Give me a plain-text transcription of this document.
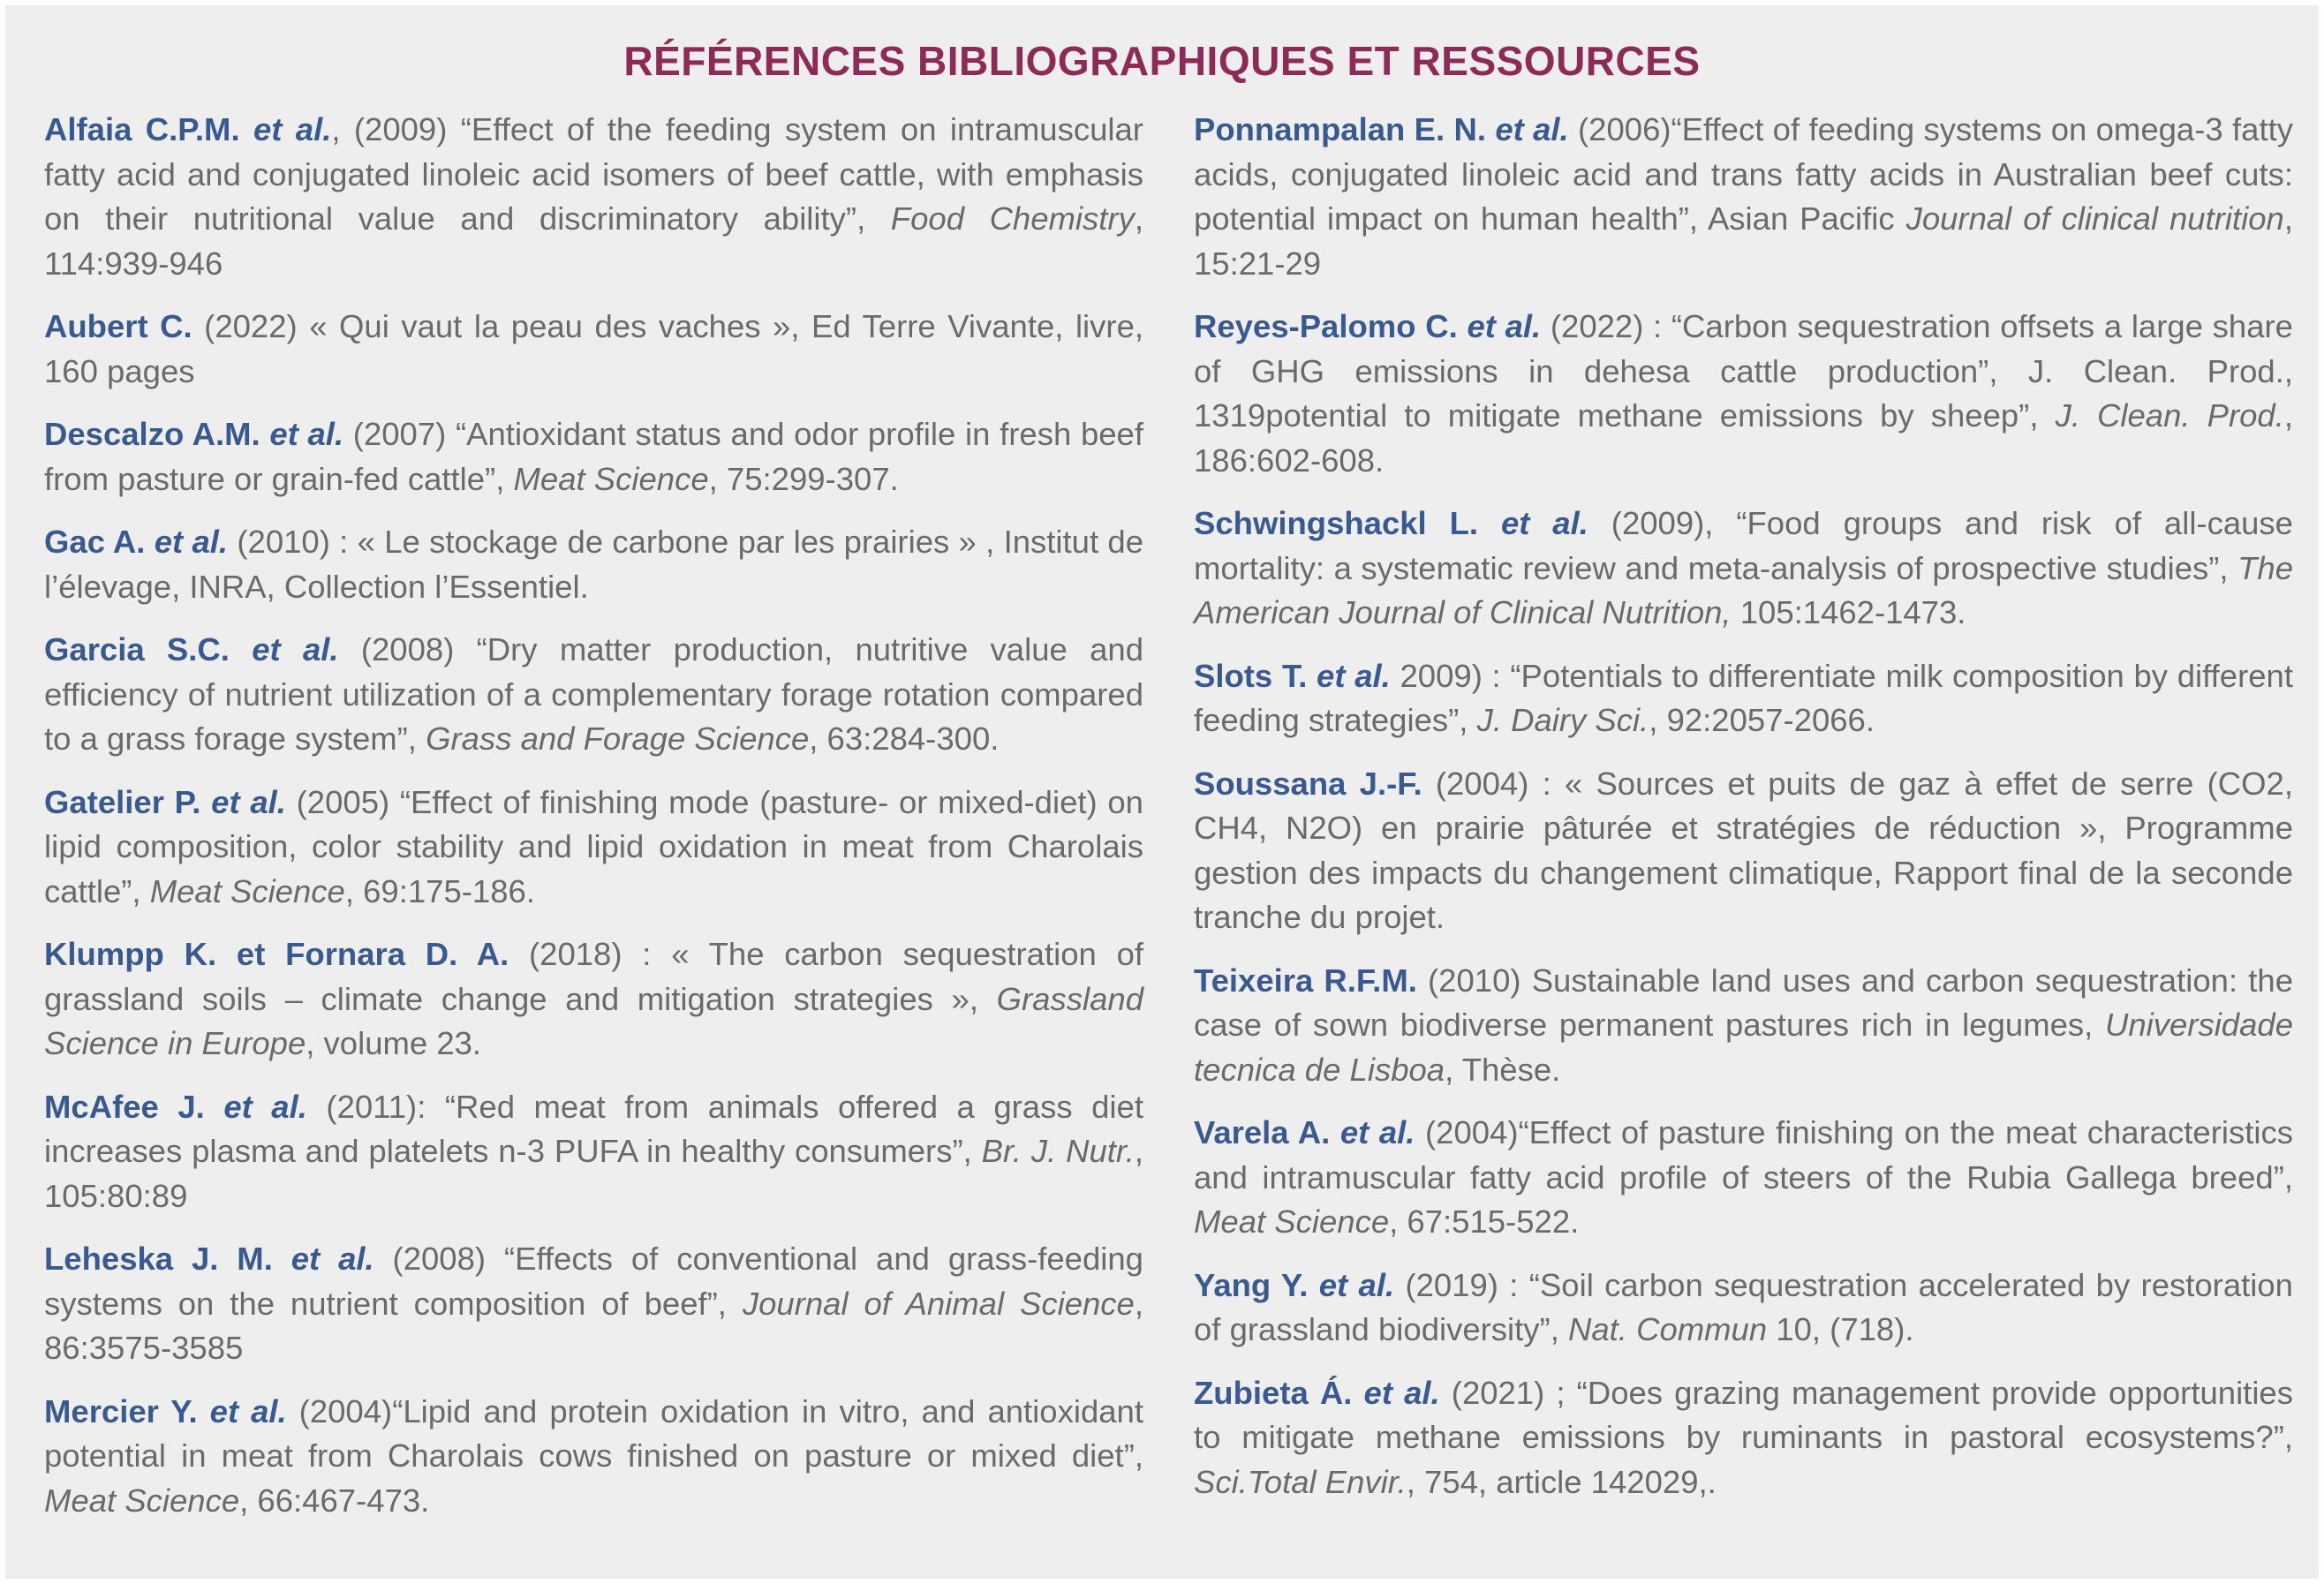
RÉFÉRENCES BIBLIOGRAPHIQUES ET RESSOURCES

Alfaia C.P.M. et al., (2009) “Effect of the feeding system on intramuscular fatty acid and conjugated linoleic acid isomers of beef cattle, with emphasis on their nutritional value and discriminatory ability”, Food Chemistry, 114:939-946

Aubert C. (2022) « Qui vaut la peau des vaches », Ed Terre Vivante, livre, 160 pages

Descalzo A.M. et al. (2007) “Antioxidant status and odor profile in fresh beef from pasture or grain-fed cattle”, Meat Science, 75:299-307.

Gac A. et al. (2010) : « Le stockage de carbone par les prairies » , Institut de l’élevage, INRA, Collection l’Essentiel.

Garcia S.C. et al. (2008) “Dry matter production, nutritive value and efficiency of nutrient utilization of a complementary forage rotation compared to a grass forage system”, Grass and Forage Science, 63:284-300.

Gatelier P. et al. (2005) “Effect of finishing mode (pasture- or mixed-diet) on lipid composition, color stability and lipid oxidation in meat from Charolais cattle”, Meat Science, 69:175-186.

Klumpp K. et Fornara D. A. (2018) : « The carbon sequestration of grassland soils – climate change and mitigation strategies », Grassland Science in Europe, volume 23.

McAfee J. et al. (2011): “Red meat from animals offered a grass diet increases plasma and platelets n-3 PUFA in healthy consumers”, Br. J. Nutr., 105:80:89

Leheska J. M. et al. (2008) “Effects of conventional and grass-feeding systems on the nutrient composition of beef”, Journal of Animal Science, 86:3575-3585

Mercier Y. et al. (2004)“Lipid and protein oxidation in vitro, and antioxidant potential in meat from Charolais cows finished on pasture or mixed diet”, Meat Science, 66:467-473.

Ponnampalan E. N. et al. (2006)“Effect of feeding systems on omega-3 fatty acids, conjugated linoleic acid and trans fatty acids in Australian beef cuts: potential impact on human health”, Asian Pacific Journal of clinical nutrition, 15:21-29

Reyes-Palomo C. et al. (2022) : “Carbon sequestration offsets a large share of GHG emissions in dehesa cattle production”, J. Clean. Prod., 1319potential to mitigate methane emissions by sheep”, J. Clean. Prod., 186:602-608.

Schwingshackl L. et al. (2009), “Food groups and risk of all-cause mortality: a systematic review and meta-analysis of prospective studies”, The American Journal of Clinical Nutrition, 105:1462-1473.

Slots T. et al. 2009) : “Potentials to differentiate milk composition by different feeding strategies”, J. Dairy Sci., 92:2057-2066.

Soussana J.-F. (2004) : « Sources et puits de gaz à effet de serre (CO2, CH4, N2O) en prairie pâturée et stratégies de réduction », Programme gestion des impacts du changement climatique, Rapport final de la seconde tranche du projet.

Teixeira R.F.M. (2010) Sustainable land uses and carbon sequestration: the case of sown biodiverse permanent pastures rich in legumes, Universidade tecnica de Lisboa, Thèse.

Varela A. et al. (2004)“Effect of pasture finishing on the meat characteristics and intramuscular fatty acid profile of steers of the Rubia Gallega breed”, Meat Science, 67:515-522.

Yang Y. et al. (2019) : “Soil carbon sequestration accelerated by restoration of grassland biodiversity”, Nat. Commun 10, (718).

Zubieta Á. et al. (2021) ; “Does grazing management provide opportunities to mitigate methane emissions by ruminants in pastoral ecosystems?”, Sci.Total Envir., 754, article 142029,.
